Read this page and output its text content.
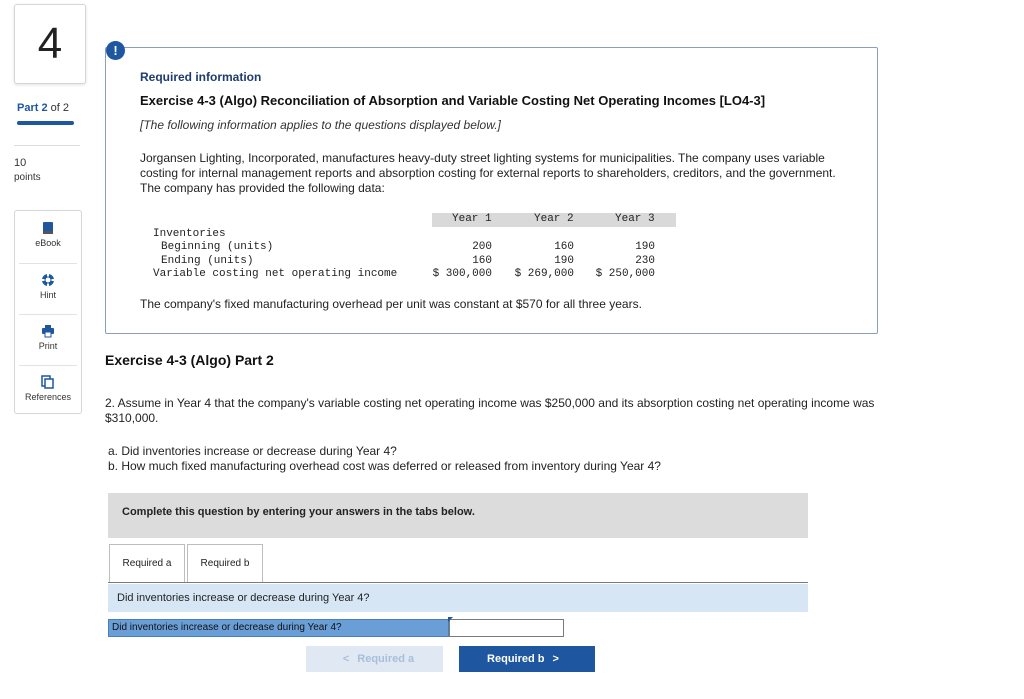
4
Part 2 of 2
10
points
eBook
Hint
Print
References
!
Required information
Exercise 4-3 (Algo) Reconciliation of Absorption and Variable Costing Net Operating Incomes [LO4-3]
[The following information applies to the questions displayed below.]
Jorgansen Lighting, Incorporated, manufactures heavy-duty street lighting systems for municipalities. The company uses variable costing for internal management reports and absorption costing for external reports to shareholders, creditors, and the government. The company has provided the following data:
Year 1	Year 2	Year 3
Inventories
Beginning (units)	200	160	190
Ending (units)	160	190	230
Variable costing net operating income	$ 300,000 $ 269,000 $ 250,000
The company's fixed manufacturing overhead per unit was constant at $570 for all three years.
Exercise 4-3 (Algo) Part 2
2. Assume in Year 4 that the company's variable costing net operating income was $250,000 and its absorption costing net operating income was $310,000.
a. Did inventories increase or decrease during Year 4?
b. How much fixed manufacturing overhead cost was deferred or released from inventory during Year 4?
Complete this question by entering your answers in the tabs below.
Required a	Required b
Did inventories increase or decrease during Year 4?
Did inventories increase or decrease during Year 4?
< Required a	Required b >
